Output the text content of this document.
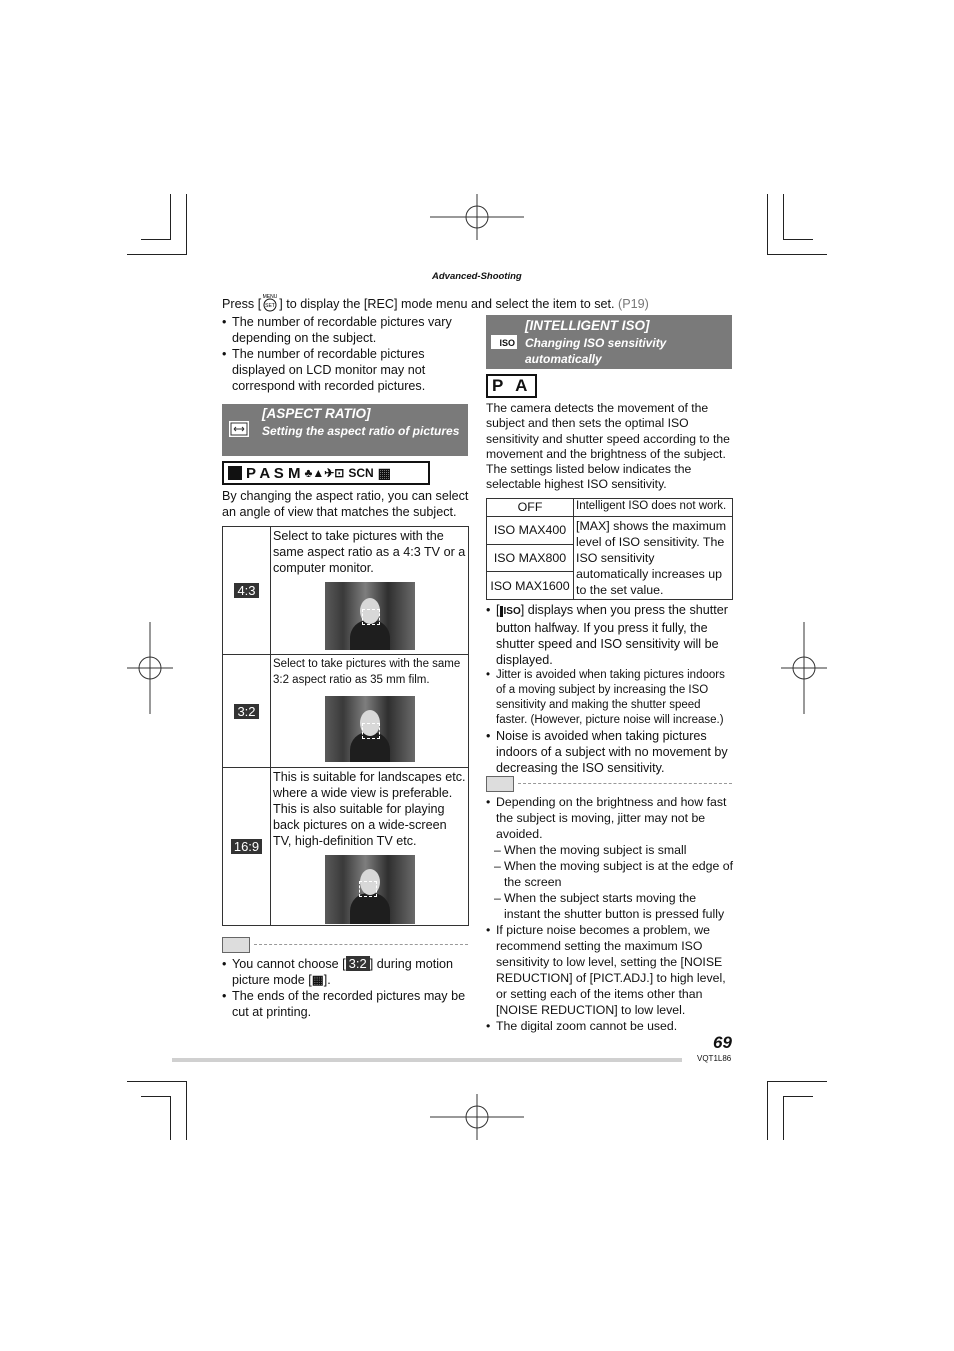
Advanced-Shooting
Press [ MENU
SET ] to display the [REC] mode menu and select the item to set. (P19)
• The number of recordable pictures vary depending on the subject.
• The number of recordable pictures displayed on LCD monitor may not correspond with recorded pictures.
[ASPECT RATIO]
Setting the aspect ratio of pictures
P A S M ♣▲✈⊡ SCN ▦
By changing the aspect ratio, you can select an angle of view that matches the subject.
4:3	Select to take pictures with the same aspect ratio as a 4:3 TV or a computer monitor.

3:2	Select to take pictures with the same 3:2 aspect ratio as 35 mm film.

16:9	This is suitable for landscapes etc. where a wide view is preferable. This is also suitable for playing back pictures on a wide-screen TV, high-definition TV etc.
• You cannot choose [ 3:2 ] during motion picture mode [▦].
• The ends of the recorded pictures may be cut at printing.
ISO
[INTELLIGENT ISO]
Changing ISO sensitivity automatically
P A
The camera detects the movement of the subject and then sets the optimal ISO sensitivity and shutter speed according to the movement and the brightness of the subject. The settings listed below indicates the selectable highest ISO sensitivity.
OFF	Intelligent ISO does not work.
ISO MAX400	[MAX] shows the maximum level of ISO sensitivity. The ISO sensitivity automatically increases up to the set value.
ISO MAX800	
ISO MAX1600	
• [ ISO] displays when you press the shutter button halfway. If you press it fully, the shutter speed and ISO sensitivity will be displayed.
• Jitter is avoided when taking pictures indoors of a moving subject by increasing the ISO sensitivity and making the shutter speed faster. (However, picture noise will increase.)
• Noise is avoided when taking pictures indoors of a subject with no movement by decreasing the ISO sensitivity.
• Depending on the brightness and how fast the subject is moving, jitter may not be avoided.
– When the moving subject is small
– When the moving subject is at the edge of the screen
– When the subject starts moving the instant the shutter button is pressed fully
• If picture noise becomes a problem, we recommend setting the maximum ISO sensitivity to low level, setting the [NOISE REDUCTION] of [PICT.ADJ.] to high level, or setting each of the items other than [NOISE REDUCTION] to low level.
• The digital zoom cannot be used.
69
VQT1L86
